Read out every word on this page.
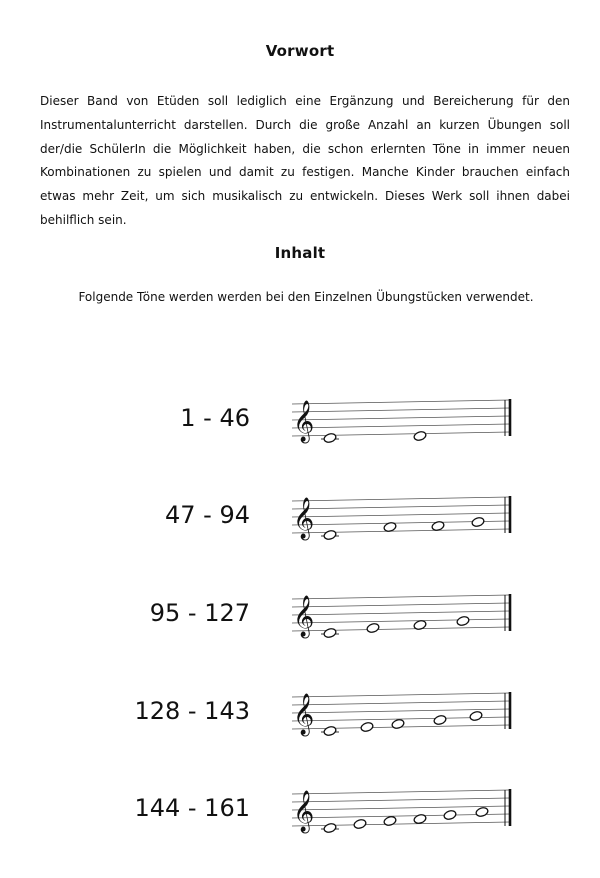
Vorwort
Dieser Band von Etüden soll lediglich eine Ergänzung und Bereicherung für den Instrumentalunterricht darstellen. Durch die große Anzahl an kurzen Übungen soll der/die SchülerIn die Möglichkeit haben, die schon erlernten Töne in immer neuen Kombinationen zu spielen und damit zu festigen. Manche Kinder brauchen einfach etwas mehr Zeit, um sich musikalisch zu entwickeln. Dieses Werk soll ihnen dabei behilflich sein.
Inhalt
Folgende Töne werden werden bei den Einzelnen Übungstücken verwendet.
1 - 46 𝄞
47 - 94 𝄞
95 - 127 𝄞
128 - 143 𝄞
144 - 161 𝄞
